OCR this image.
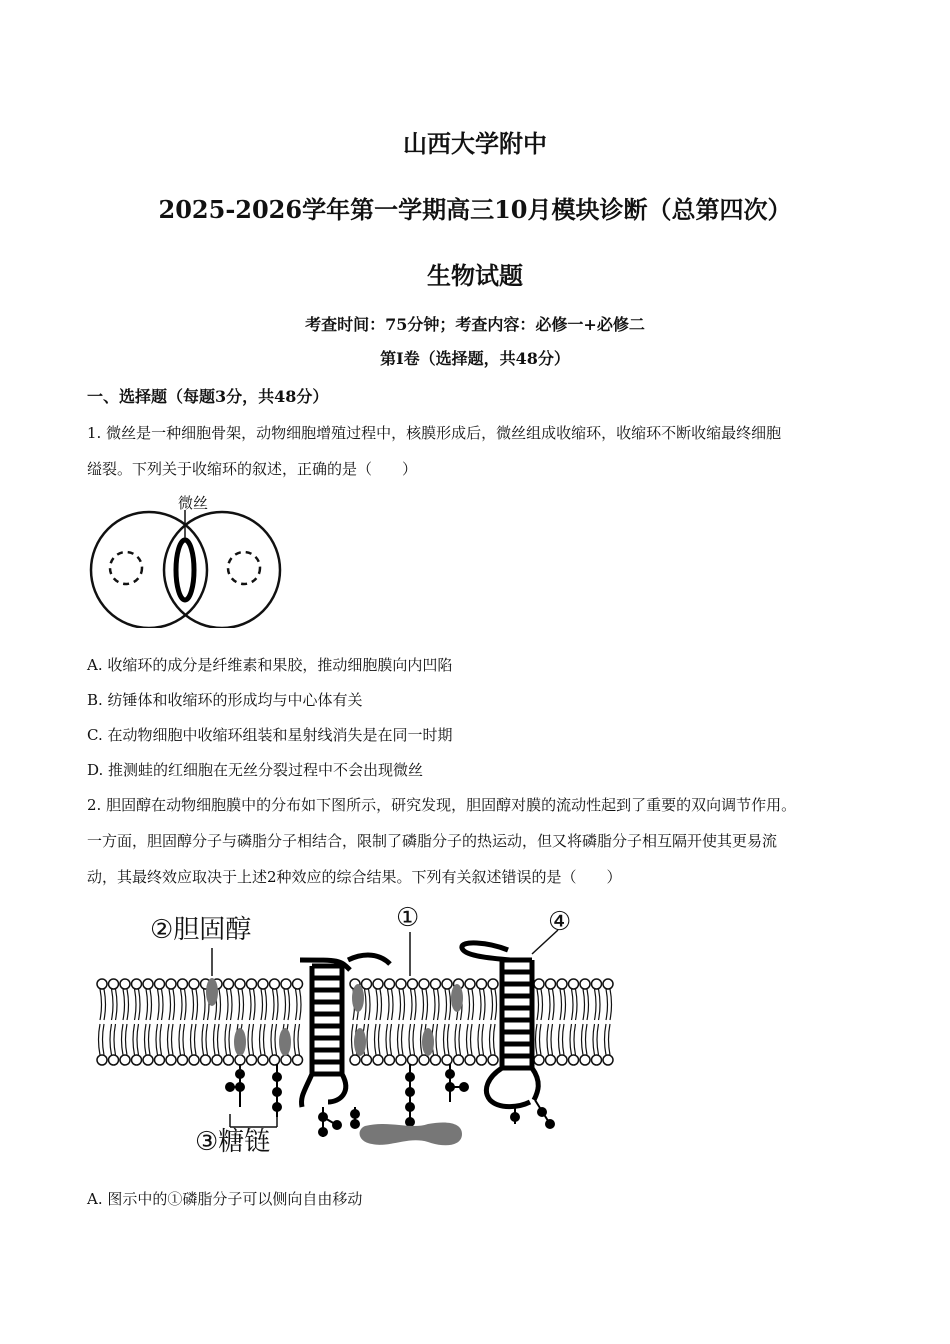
山西大学附中
2025-2026学年第一学期高三10月模块诊断（总第四次）
生物试题
考查时间：75分钟；考查内容：必修一+必修二
第I卷（选择题，共48分）
一、选择题（每题3分，共48分）
1. 微丝是一种细胞骨架，动物细胞增殖过程中，核膜形成后，微丝组成收缩环，收缩环不断收缩最终细胞
缢裂。下列关于收缩环的叙述，正确的是（　　）
微丝
A. 收缩环的成分是纤维素和果胶，推动细胞膜向内凹陷
B. 纺锤体和收缩环的形成均与中心体有关
C. 在动物细胞中收缩环组装和星射线消失是在同一时期
D. 推测蛙的红细胞在无丝分裂过程中不会出现微丝
2. 胆固醇在动物细胞膜中的分布如下图所示，研究发现，胆固醇对膜的流动性起到了重要的双向调节作用。
一方面，胆固醇分子与磷脂分子相结合，限制了磷脂分子的热运动，但又将磷脂分子相互隔开使其更易流
动，其最终效应取决于上述2种效应的综合结果。下列有关叙述错误的是（　　）
②胆固醇	①	④
③糖链
A. 图示中的①磷脂分子可以侧向自由移动
